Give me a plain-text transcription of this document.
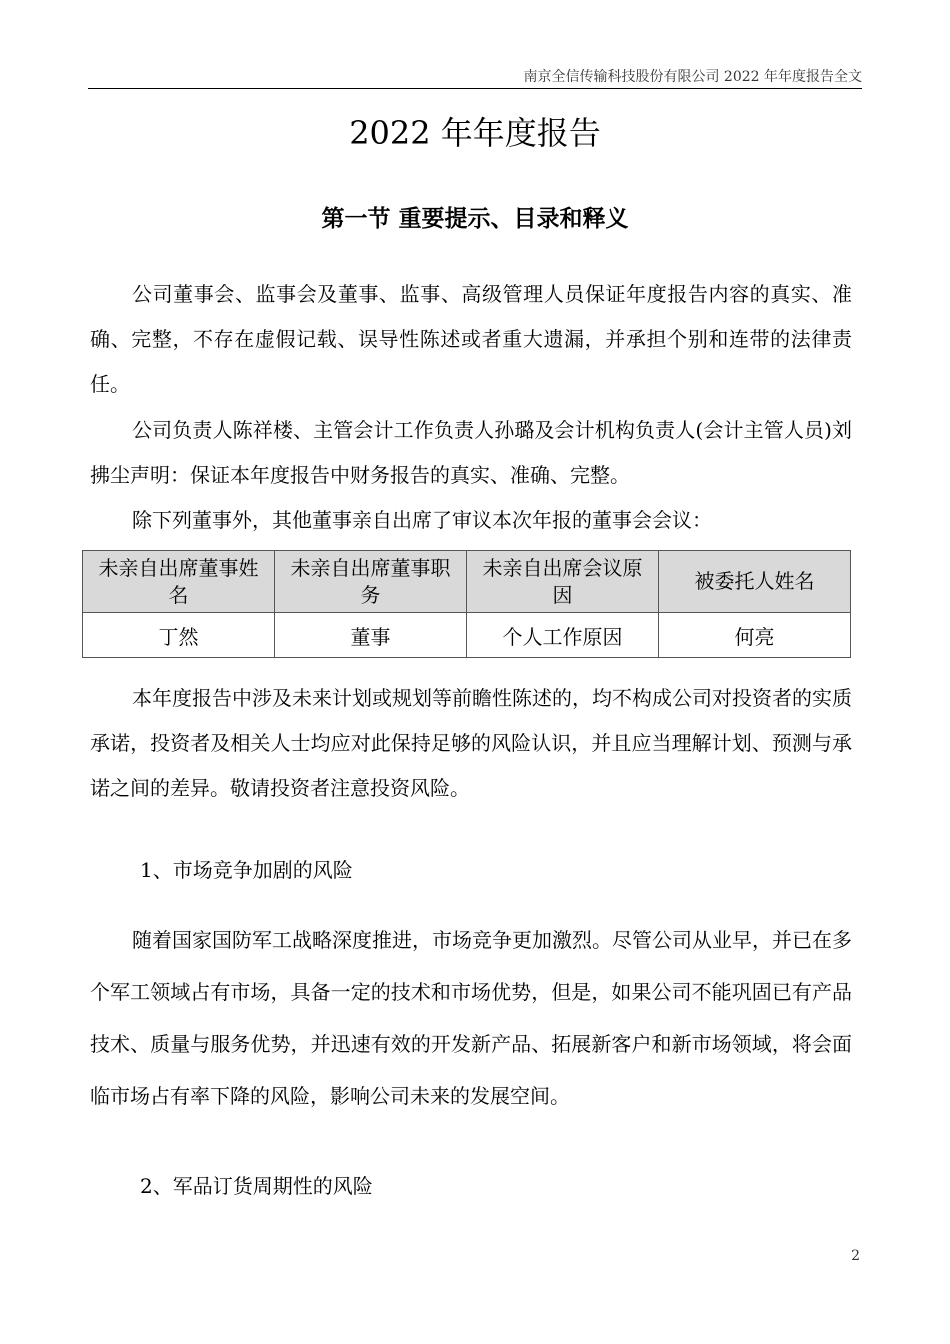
南京全信传输科技股份有限公司 2022 年年度报告全文
2022 年年度报告
第一节 重要提示、目录和释义

公司董事会、监事会及董事、监事、高级管理人员保证年度报告内容的真实、准确、完整，不存在虚假记载、误导性陈述或者重大遗漏，并承担个别和连带的法律责任。

公司负责人陈祥楼、主管会计工作负责人孙璐及会计机构负责人(会计主管人员)刘拂尘声明：保证本年度报告中财务报告的真实、准确、完整。

除下列董事外，其他董事亲自出席了审议本次年报的董事会会议：

未亲自出席董事姓名	未亲自出席董事职务	未亲自出席会议原因	被委托人姓名
丁然	董事	个人工作原因	何亮

本年度报告中涉及未来计划或规划等前瞻性陈述的，均不构成公司对投资者的实质承诺，投资者及相关人士均应对此保持足够的风险认识，并且应当理解计划、预测与承诺之间的差异。敬请投资者注意投资风险。

1、市场竞争加剧的风险

随着国家国防军工战略深度推进，市场竞争更加激烈。尽管公司从业早，并已在多个军工领域占有市场，具备一定的技术和市场优势，但是，如果公司不能巩固已有产品技术、质量与服务优势，并迅速有效的开发新产品、拓展新客户和新市场领域，将会面临市场占有率下降的风险，影响公司未来的发展空间。

2、军品订货周期性的风险
2
